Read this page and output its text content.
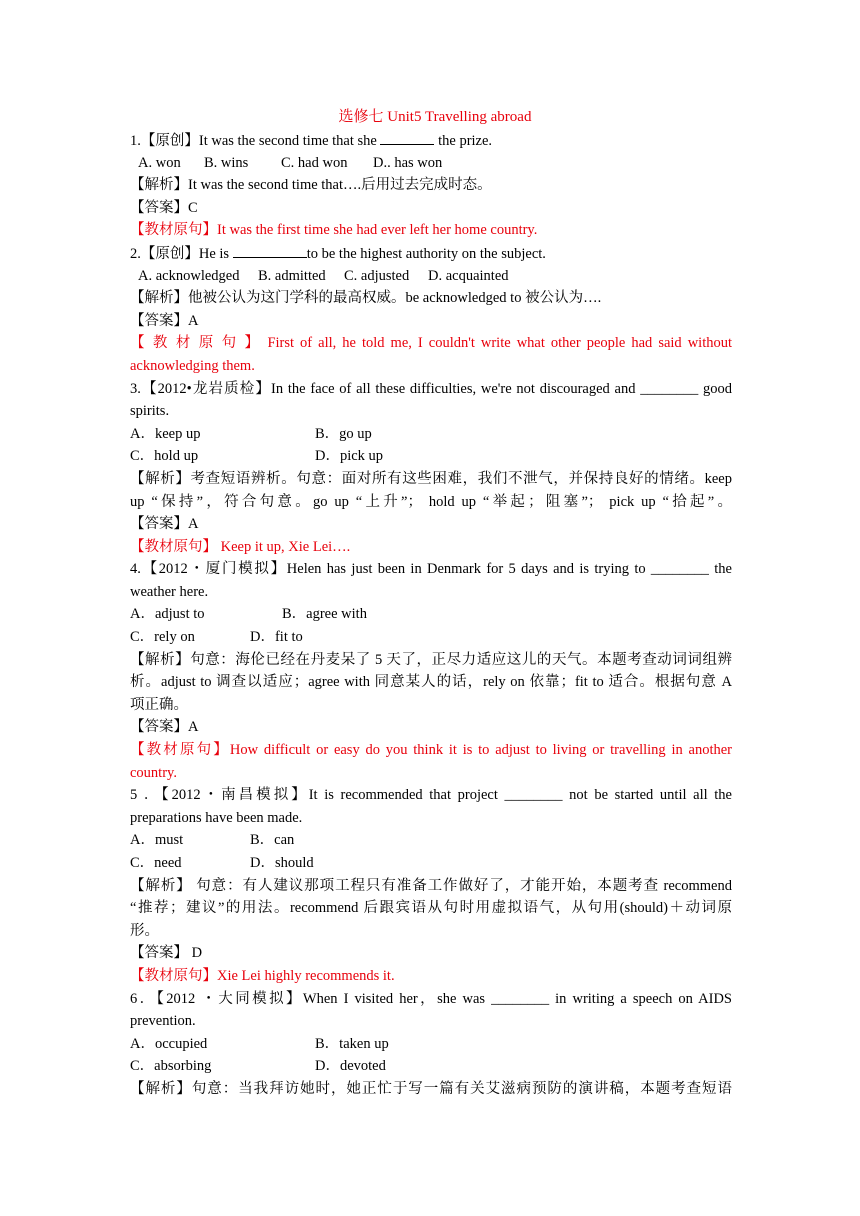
选修七 Unit5 Travelling abroad
1.【原创】It was the second time that she	the prize.
A. won B. wins C. had won D.. has won
【解析】It was the second time that….后用过去完成时态。
【答案】C
【教材原句】It was the first time she had ever left her home country.
2.【原创】He is	to be the highest authority on the subject.
A. acknowledged B. admitted C. adjusted D. acquainted
【解析】他被公认为这门学科的最高权威。be acknowledged to 被公认为….
【答案】A
【 教 材 原 句 】 First of all, he told me, I couldn't write what other people had said without
acknowledging them.
3.【2012•龙岩质检】In the face of all these difficulties, we're not discouraged and ________ good
spirits.
A．keep up	B．go up
C．hold up	D．pick up
【解析】考查短语辨析。句意：面对所有这些困难，我们不泄气，并保持良好的情绪。keep
up “保持”，符合句意。go up “上升”； hold up “举起；阻塞”； pick up “拾起”。
【答案】A
【教材原句】 Keep it up, Xie Lei….
4.【2012・厦门模拟】Helen has just been in Denmark for 5 days and is trying to ________ the
weather here.
A．adjust to	B．agree with
C．rely on	D．fit to
【解析】句意：海伦已经在丹麦呆了 5 天了，正尽力适应这儿的天气。本题考查动词词组辨
析。adjust to 调查以适应；agree with 同意某人的话，rely on 依靠；fit to 适合。根据句意 A
项正确。
【答案】A
【教材原句】How difficult or easy do you think it is to adjust to living or travelling in another
country.
5 ．【2012・南昌模拟】It is recommended that project ________ not be started until all the
preparations have been made.
A．must	B．can
C．need	D．should
【解析】 句意：有人建议那项工程只有准备工作做好了，才能开始，本题考查 recommend
“推荐；建议”的用法。recommend 后跟宾语从句时用虚拟语气，从句用(should)＋动词原
形。
【答案】 D
【教材原句】Xie Lei highly recommends it.
6．【2012 ・大同模拟】When I visited her，she was ________ in writing a speech on AIDS
prevention.
A．occupied	B．taken up
C．absorbing	D．devoted
【解析】句意：当我拜访她时，她正忙于写一篇有关艾滋病预防的演讲稿，本题考查短语
